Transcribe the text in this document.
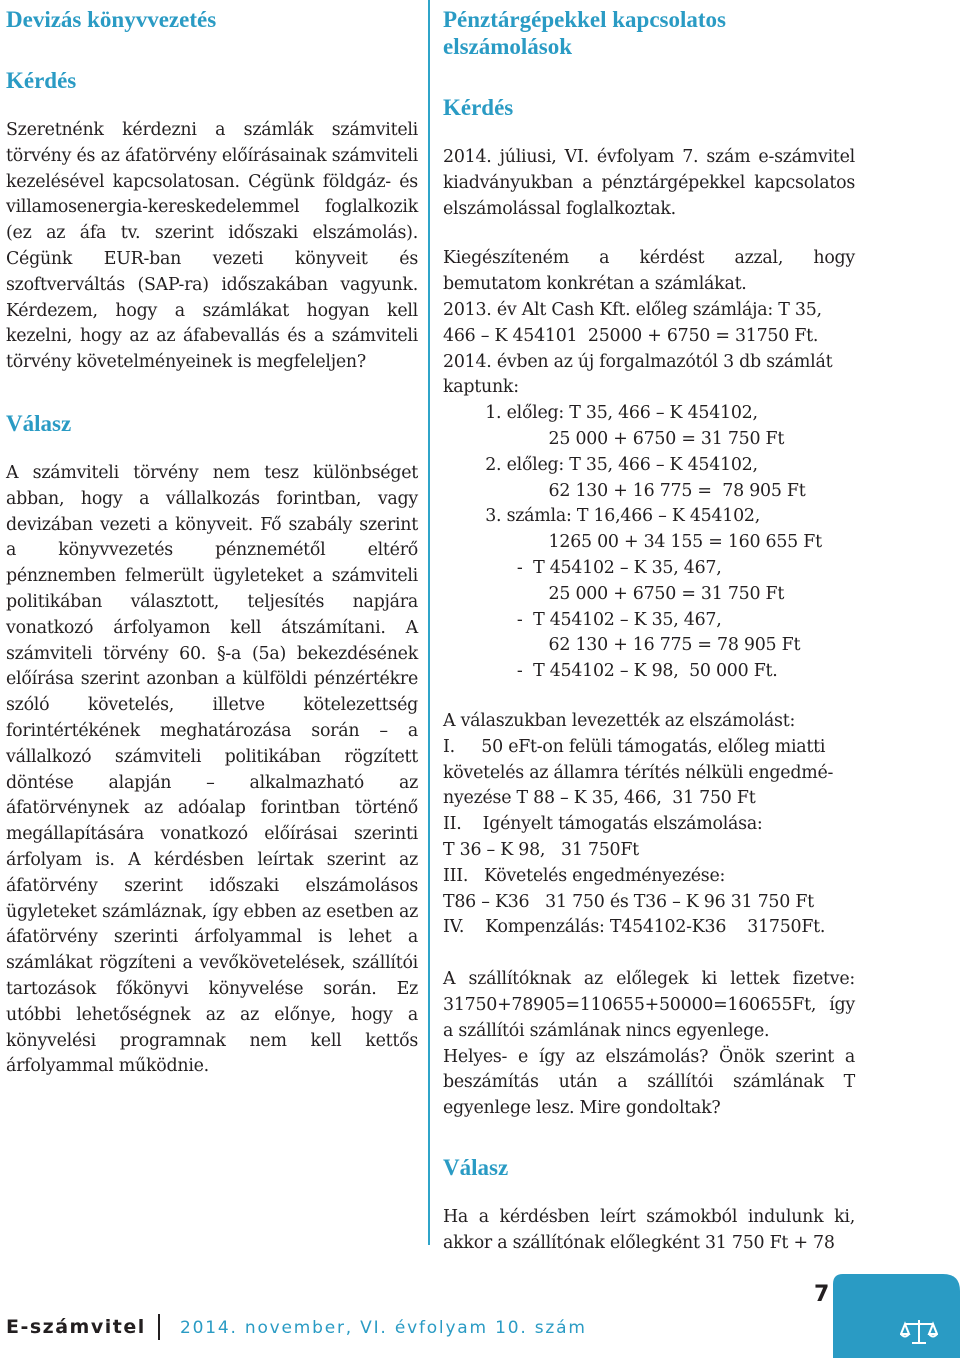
Devizás könyvvezetés
Kérdés

Szeretnénk kérdezni a számlák számviteli törvény és az áfatörvény előírásainak számviteli kezelésével kapcsolatosan. Cégünk földgáz- és villamosenergia-kereskedelemmel foglalkozik (ez az áfa tv. szerint időszaki elszámolás). Cégünk EUR-ban vezeti könyveit és szoftverváltás (SAP-ra) időszakában vagyunk. Kérdezem, hogy a számlákat hogyan kell kezelni, hogy az az áfabevallás és a számviteli törvény követelményeinek is megfeleljen?

Válasz

A számviteli törvény nem tesz különbséget abban, hogy a vállalkozás forintban, vagy devizában vezeti a könyveit. Fő szabály szerint a könyvvezetés pénznemétől eltérő pénznemben felmerült ügyleteket a számviteli politikában választott, teljesítés napjára vonatkozó árfolyamon kell átszámítani. A számviteli törvény 60. §-a (5a) bekezdésének előírása szerint azonban a külföldi pénzértékre szóló követelés, illetve kötelezettség forintértékének meghatározása során – a vállalkozó számviteli politikában rögzített döntése alapján – alkalmazható az áfatörvénynek az adóalap forintban történő megállapítására vonatkozó előírásai szerinti árfolyam is. A kérdésben leírtak szerint az áfatörvény szerint időszaki elszámolásos ügyleteket számláznak, így ebben az esetben az áfatörvény szerinti árfolyammal is lehet a számlákat rögzíteni a vevőkövetelések, szállítói tartozások főkönyvi könyvelése során. Ez utóbbi lehetőségnek az az előnye, hogy a könyvelési programnak nem kell kettős árfolyammal működnie.

Pénztárgépekkel kapcsolatos elszámolások
Kérdés

2014. júliusi, VI. évfolyam 7. szám e-számvitel kiadványukban a pénztárgépekkel kapcsolatos elszámolással foglalkoztak.

Kiegészíteném a kérdést azzal, hogy bemutatom konkrétan a számlákat.

2013. év Alt Cash Kft. előleg számlája: T 35,
466 – K 454101  25000 + 6750 = 31750 Ft.
2014. évben az új forgalmazótól 3 db számlát
kaptunk:
1. előleg: T 35, 466 – K 454102,
25 000 + 6750 = 31 750 Ft
2. előleg: T 35, 466 – K 454102,
62 130 + 16 775 =  78 905 Ft
3. számla: T 16,466 – K 454102,
1265 00 + 34 155 = 160 655 Ft
-  T 454102 – K 35, 467,
25 000 + 6750 = 31 750 Ft
-  T 454102 – K 35, 467,
62 130 + 16 775 = 78 905 Ft
-  T 454102 – K 98,  50 000 Ft.

A válaszukban levezették az elszámolást:

I.     50 eFt-on felüli támogatás, előleg miatti
követelés az államra térítés nélküli engedmé-
nyezése T 88 – K 35, 466,  31 750 Ft
II.    Igényelt támogatás elszámolása:
T 36 – K 98,   31 750Ft
III.   Követelés engedményezése:
T86 – K36   31 750 és T36 – K 96 31 750 Ft
IV.    Kompenzálás: T454102-K36    31750Ft.

A szállítóknak az előlegek ki lettek fizetve: 31750+78905=110655+50000=160655Ft, így a szállítói számlának nincs egyenlege.

Helyes- e így az elszámolás? Önök szerint a beszámítás után a szállítói számlának T egyenlege lesz. Mire gondoltak?

Válasz

Ha a kérdésben leírt számokból indulunk ki, akkor a szállítónak előlegként 31 750 Ft + 78

7
E-számvitel 2014. november, VI. évfolyam 10. szám
